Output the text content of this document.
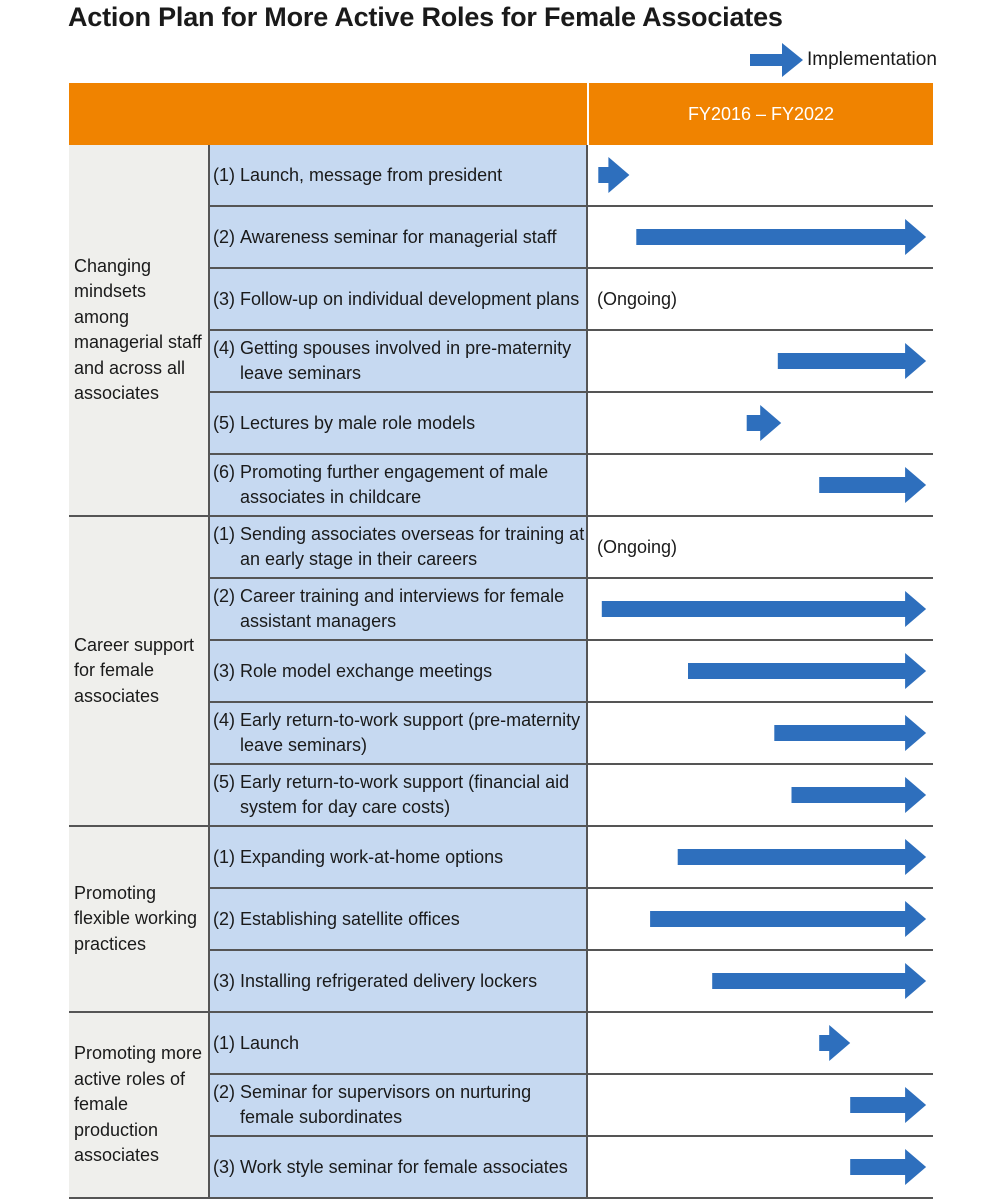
Action Plan for More Active Roles for Female Associates
Implementation
FY2016 – FY2022
Changing mindsets among managerial staff and across all associates
(1) Launch, message from president
(2) Awareness seminar for managerial staff
(3) Follow-up on individual development plans (Ongoing)
(4) Getting spouses involved in pre-maternity leave seminars
(5) Lectures by male role models
(6) Promoting further engagement of male associates in childcare
Career support for female associates
(1) Sending associates overseas for training at an early stage in their careers
(Ongoing)
(2) Career training and interviews for female assistant managers
(3) Role model exchange meetings
(4) Early return-to-work support (pre-maternity leave seminars)
(5) Early return-to-work support (financial aid system for day care costs)
Promoting flexible working practices
(1) Expanding work-at-home options
(2) Establishing satellite offices
(3) Installing refrigerated delivery lockers
Promoting more active roles of female production associates
(1) Launch
(2) Seminar for supervisors on nurturing female subordinates
(3) Work style seminar for female associates
